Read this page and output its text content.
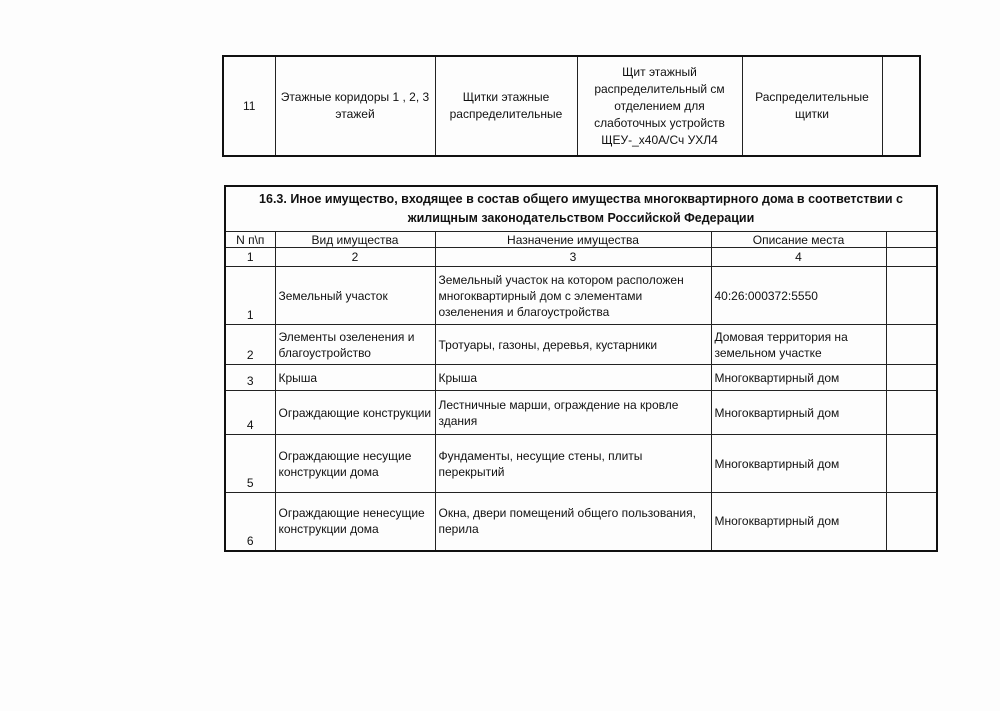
11	Этажные коридоры 1 , 2, 3 этажей	Щитки этажные распределительные	Щит этажный распределительный cм отделением для слаботочных устройств ЩЕУ-_x40А/Сч УХЛ4	Распределительные щитки	
16.3. Иное имущество, входящее в состав общего имущества многоквартирного дома в соответствии с жилищным законодательством Российской Федерации				
N п\п	Вид имущества	Назначение имущества	Описание места	
1	2	3	4	
1	Земельный участок	Земельный участок на котором расположен многоквартирный дом с элементами озеленения и благоустройства	40:26:000372:5550	
2	Элементы озеленения и благоустройство	Тротуары, газоны, деревья, кустарники	Домовая территория на земельном участке	
3	Крыша	Крыша	Многоквартирный дом	
4	Ограждающие конструкции	Лестничные марши, ограждение на кровле здания	Многоквартирный дом	
5	Ограждающие несущие конструкции дома	Фундаменты, несущие стены, плиты перекрытий	Многоквартирный дом	
6	Ограждающие ненесущие конструкции дома	Окна, двери помещений общего пользования, перила	Многоквартирный дом	
